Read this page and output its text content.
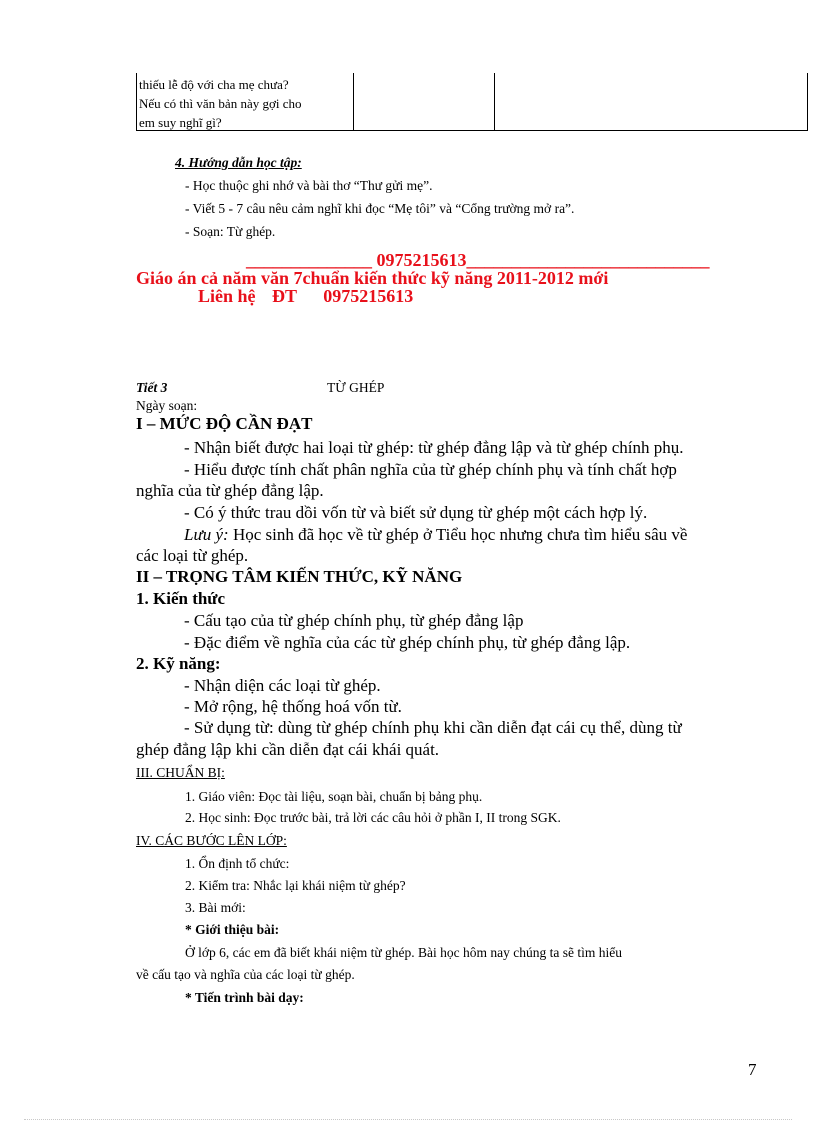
thiếu lễ độ với cha mẹ chưa?
Nếu có thì văn bản này gợi cho
em suy nghĩ gì?
4. Hướng dẫn học tập:
- Học thuộc ghi nhớ và bài thơ “Thư gửi mẹ”.
- Viết 5 - 7 câu nêu cảm nghĩ khi đọc “Mẹ tôi” và “Cổng trường mở ra”.
- Soạn: Từ ghép.
______________ 0975215613___________________________
Giáo án cả năm văn 7chuẩn kiến thức kỹ năng 2011-2012 mới
Liên hệ ĐT 0975215613
Tiết 3	TỪ GHÉP
Ngày soạn:
I – MỨC ĐỘ CẦN ĐẠT
- Nhận biết được hai loại từ ghép: từ ghép đẳng lập và từ ghép chính phụ.
- Hiểu được tính chất phân nghĩa của từ ghép chính phụ và tính chất hợp
nghĩa của từ ghép đẳng lập.
- Có ý thức trau dồi vốn từ và biết sử dụng từ ghép một cách hợp lý.
Lưu ý: Học sinh đã học về từ ghép ở Tiểu học nhưng chưa tìm hiểu sâu về
các loại từ ghép.
II – TRỌNG TÂM KIẾN THỨC, KỸ NĂNG
1. Kiến thức
- Cấu tạo của từ ghép chính phụ, từ ghép đẳng lập
- Đặc điểm về nghĩa của các từ ghép chính phụ, từ ghép đẳng lập.
2. Kỹ năng:
- Nhận diện các loại từ ghép.
- Mở rộng, hệ thống hoá vốn từ.
- Sử dụng từ: dùng từ ghép chính phụ khi cần diễn đạt cái cụ thể, dùng từ
ghép đẳng lập khi cần diễn đạt cái khái quát.
III. CHUẨN BỊ:
1. Giáo viên: Đọc tài liệu, soạn bài, chuẩn bị bảng phụ.
2. Học sinh: Đọc trước bài, trả lời các câu hỏi ở phần I, II trong SGK.
IV. CÁC BƯỚC LÊN LỚP:
1. Ổn định tổ chức:
2. Kiểm tra: Nhắc lại khái niệm từ ghép?
3. Bài mới:
* Giới thiệu bài:
Ở lớp 6, các em đã biết khái niệm từ ghép. Bài học hôm nay chúng ta sẽ tìm hiểu
về cấu tạo và nghĩa của các loại từ ghép.
* Tiến trình bài dạy:
7
